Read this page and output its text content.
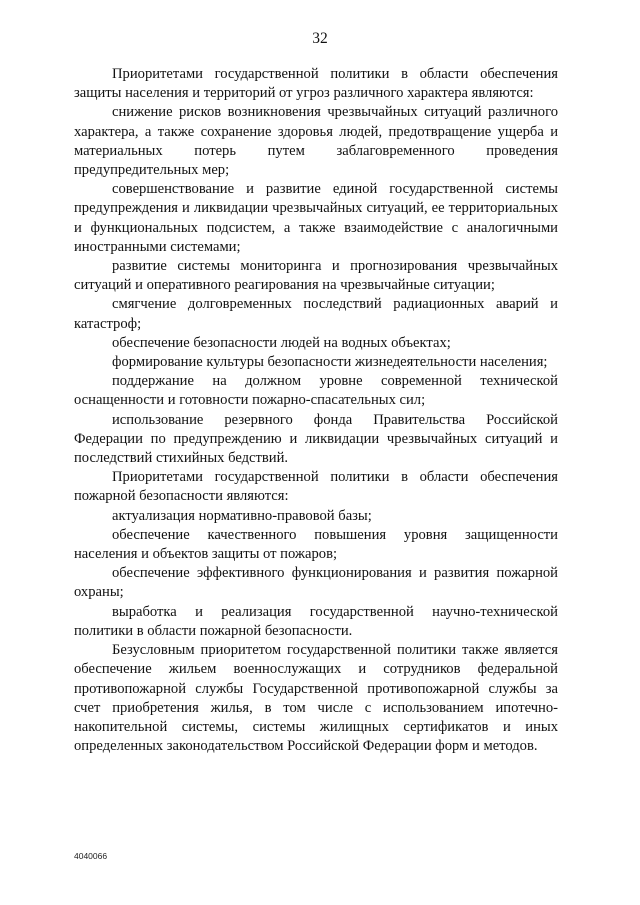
32

Приоритетами государственной политики в области обеспечения защиты населения и территорий от угроз различного характера являются:

снижение рисков возникновения чрезвычайных ситуаций различного характера, а также сохранение здоровья людей, предотвращение ущерба и материальных потерь путем заблаговременного проведения предупредительных мер;

совершенствование и развитие единой государственной системы предупреждения и ликвидации чрезвычайных ситуаций, ее территориальных и функциональных подсистем, а также взаимодействие с аналогичными иностранными системами;

развитие системы мониторинга и прогнозирования чрезвычайных ситуаций и оперативного реагирования на чрезвычайные ситуации;

смягчение долговременных последствий радиационных аварий и катастроф;

обеспечение безопасности людей на водных объектах;

формирование культуры безопасности жизнедеятельности населения;

поддержание на должном уровне современной технической оснащенности и готовности пожарно-спасательных сил;

использование резервного фонда Правительства Российской Федерации по предупреждению и ликвидации чрезвычайных ситуаций и последствий стихийных бедствий.

Приоритетами государственной политики в области обеспечения пожарной безопасности являются:

актуализация нормативно-правовой базы;

обеспечение качественного повышения уровня защищенности населения и объектов защиты от пожаров;

обеспечение эффективного функционирования и развития пожарной охраны;

выработка и реализация государственной научно-технической политики в области пожарной безопасности.

Безусловным приоритетом государственной политики также является обеспечение жильем военнослужащих и сотрудников федеральной противопожарной службы Государственной противопожарной службы за счет приобретения жилья, в том числе с использованием ипотечно-накопительной системы, системы жилищных сертификатов и иных определенных законодательством Российской Федерации форм и методов.

4040066
